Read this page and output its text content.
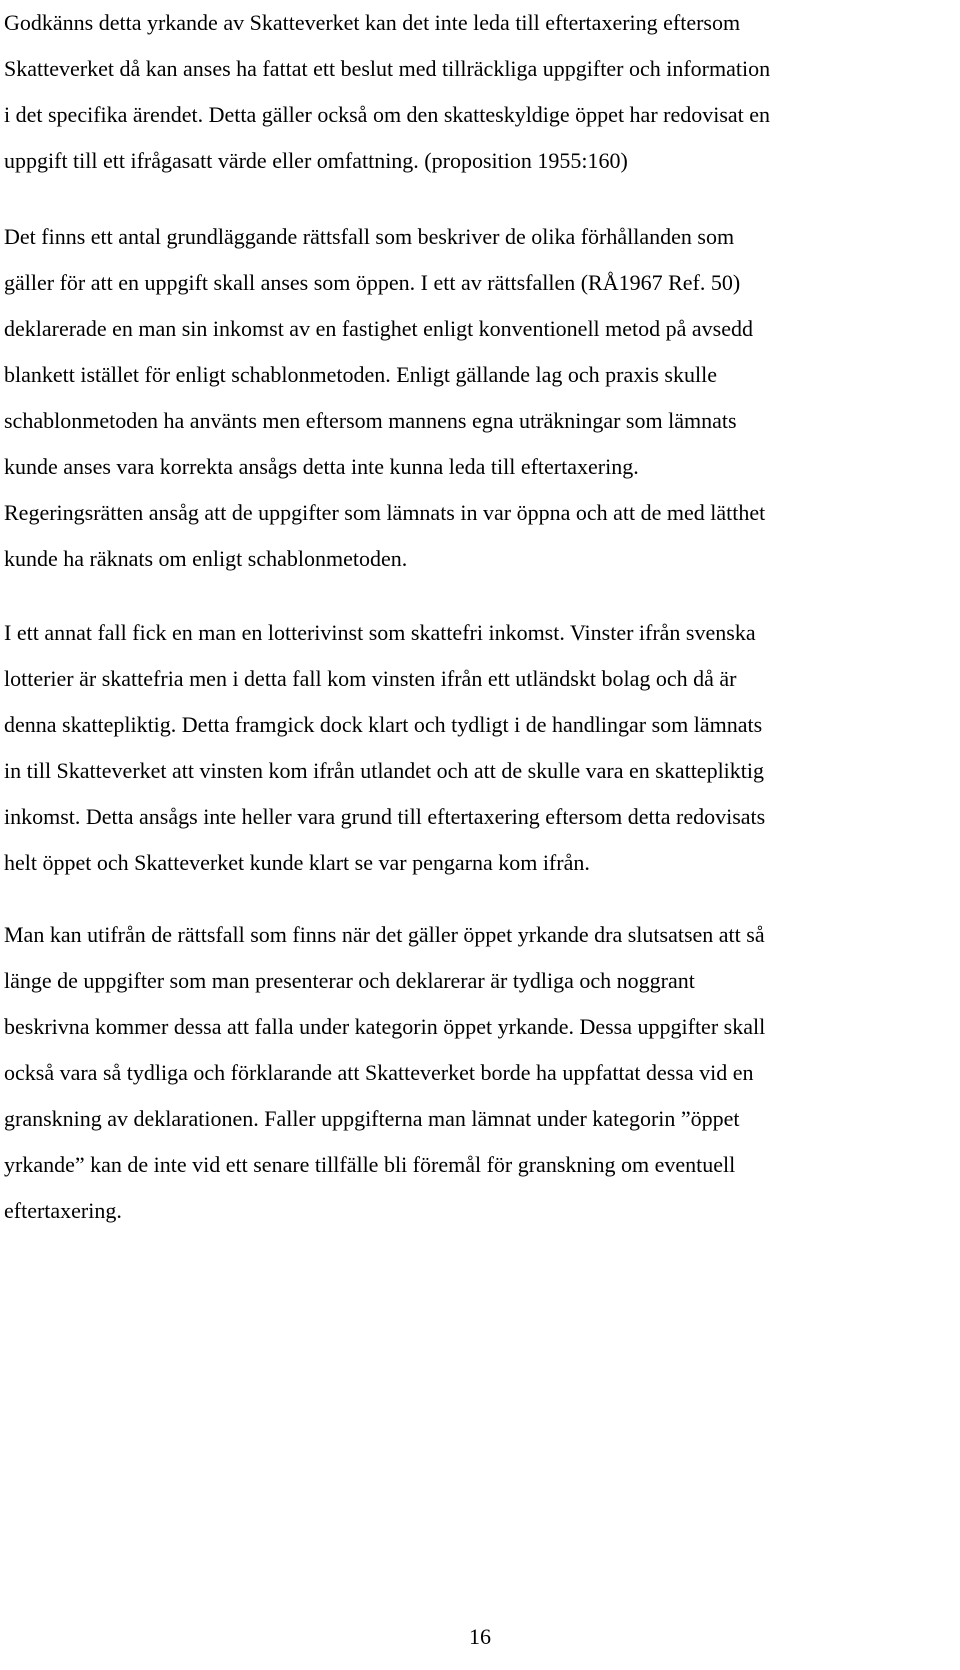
Godkänns detta yrkande av Skatteverket kan det inte leda till eftertaxering eftersom
Skatteverket då kan anses ha fattat ett beslut med tillräckliga uppgifter och information
i det specifika ärendet. Detta gäller också om den skatteskyldige öppet har redovisat en
uppgift till ett ifrågasatt värde eller omfattning. (proposition 1955:160)

Det finns ett antal grundläggande rättsfall som beskriver de olika förhållanden som
gäller för att en uppgift skall anses som öppen. I ett av rättsfallen (RÅ1967 Ref. 50)
deklarerade en man sin inkomst av en fastighet enligt konventionell metod på avsedd
blankett istället för enligt schablonmetoden. Enligt gällande lag och praxis skulle
schablonmetoden ha använts men eftersom mannens egna uträkningar som lämnats
kunde anses vara korrekta ansågs detta inte kunna leda till eftertaxering.
Regeringsrätten ansåg att de uppgifter som lämnats in var öppna och att de med lätthet
kunde ha räknats om enligt schablonmetoden.

I ett annat fall fick en man en lotterivinst som skattefri inkomst. Vinster ifrån svenska
lotterier är skattefria men i detta fall kom vinsten ifrån ett utländskt bolag och då är
denna skattepliktig. Detta framgick dock klart och tydligt i de handlingar som lämnats
in till Skatteverket att vinsten kom ifrån utlandet och att de skulle vara en skattepliktig
inkomst. Detta ansågs inte heller vara grund till eftertaxering eftersom detta redovisats
helt öppet och Skatteverket kunde klart se var pengarna kom ifrån.

Man kan utifrån de rättsfall som finns när det gäller öppet yrkande dra slutsatsen att så
länge de uppgifter som man presenterar och deklarerar är tydliga och noggrant
beskrivna kommer dessa att falla under kategorin öppet yrkande. Dessa uppgifter skall
också vara så tydliga och förklarande att Skatteverket borde ha uppfattat dessa vid en
granskning av deklarationen. Faller uppgifterna man lämnat under kategorin ”öppet
yrkande” kan de inte vid ett senare tillfälle bli föremål för granskning om eventuell
eftertaxering.

16
